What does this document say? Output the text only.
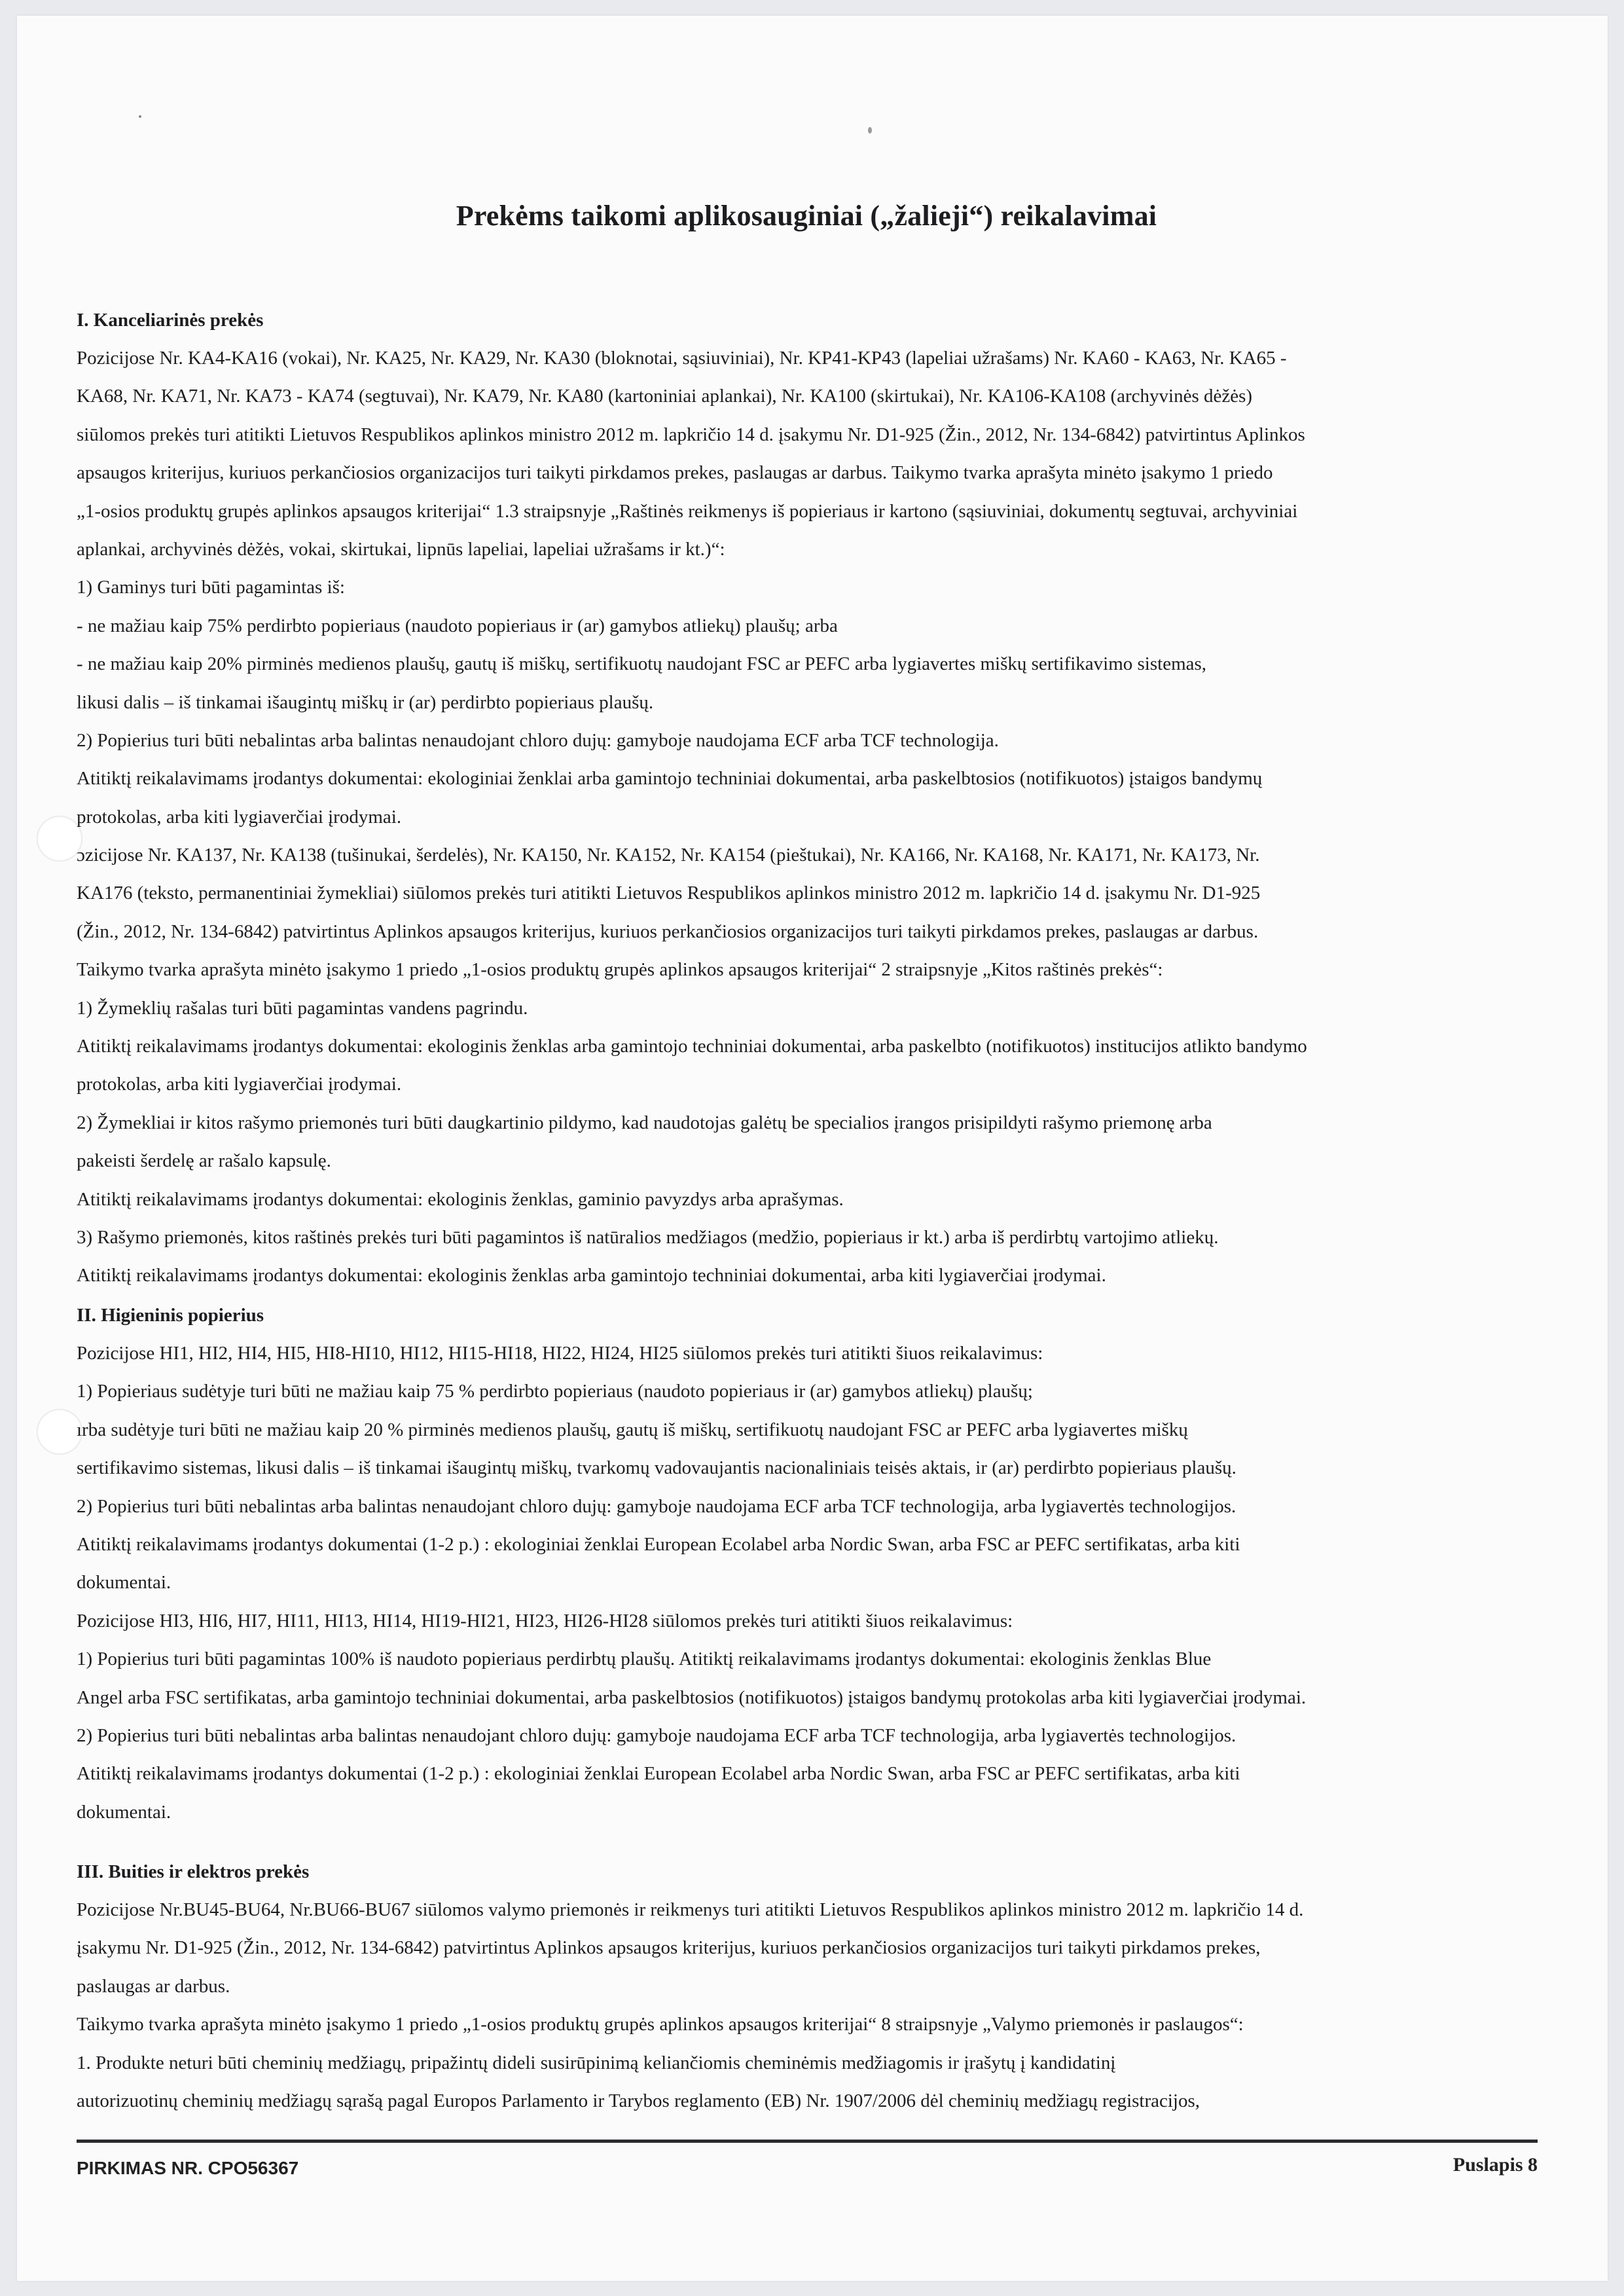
Prekėms taikomi aplikosauginiai („žalieji“) reikalavimai
I. Kanceliarinės prekės
Pozicijose Nr. KA4-KA16 (vokai), Nr. KA25, Nr. KA29, Nr. KA30 (bloknotai, sąsiuviniai), Nr. KP41-KP43 (lapeliai užrašams) Nr. KA60 - KA63, Nr. KA65 -
KA68, Nr. KA71, Nr. KA73 - KA74 (segtuvai), Nr. KA79, Nr. KA80 (kartoniniai aplankai), Nr. KA100 (skirtukai), Nr. KA106-KA108 (archyvinės dėžės)
siūlomos prekės turi atitikti Lietuvos Respublikos aplinkos ministro 2012 m. lapkričio 14 d. įsakymu Nr. D1-925 (Žin., 2012, Nr. 134-6842) patvirtintus Aplinkos
apsaugos kriterijus, kuriuos perkančiosios organizacijos turi taikyti pirkdamos prekes, paslaugas ar darbus. Taikymo tvarka aprašyta minėto įsakymo 1 priedo
„1-osios produktų grupės aplinkos apsaugos kriterijai“ 1.3 straipsnyje „Raštinės reikmenys iš popieriaus ir kartono (sąsiuviniai, dokumentų segtuvai, archyviniai
aplankai, archyvinės dėžės, vokai, skirtukai, lipnūs lapeliai, lapeliai užrašams ir kt.)“:
1) Gaminys turi būti pagamintas iš:
- ne mažiau kaip 75% perdirbto popieriaus (naudoto popieriaus ir (ar) gamybos atliekų) plaušų; arba
- ne mažiau kaip 20% pirminės medienos plaušų, gautų iš miškų, sertifikuotų naudojant FSC ar PEFC arba lygiavertes miškų sertifikavimo sistemas,
likusi dalis – iš tinkamai išaugintų miškų ir (ar) perdirbto popieriaus plaušų.
2) Popierius turi būti nebalintas arba balintas nenaudojant chloro dujų: gamyboje naudojama ECF arba TCF technologija.
Atitiktį reikalavimams įrodantys dokumentai: ekologiniai ženklai arba gamintojo techniniai dokumentai, arba paskelbtosios (notifikuotos) įstaigos bandymų
protokolas, arba kiti lygiaverčiai įrodymai.
ɔzicijose Nr. KA137, Nr. KA138 (tušinukai, šerdelės), Nr. KA150, Nr. KA152, Nr. KA154 (pieštukai), Nr. KA166, Nr. KA168, Nr. KA171, Nr. KA173, Nr.
KA176 (teksto, permanentiniai žymekliai) siūlomos prekės turi atitikti Lietuvos Respublikos aplinkos ministro 2012 m. lapkričio 14 d. įsakymu Nr. D1-925
(Žin., 2012, Nr. 134-6842) patvirtintus Aplinkos apsaugos kriterijus, kuriuos perkančiosios organizacijos turi taikyti pirkdamos prekes, paslaugas ar darbus.
Taikymo tvarka aprašyta minėto įsakymo 1 priedo „1-osios produktų grupės aplinkos apsaugos kriterijai“ 2 straipsnyje „Kitos raštinės prekės“:
1) Žymeklių rašalas turi būti pagamintas vandens pagrindu.
Atitiktį reikalavimams įrodantys dokumentai: ekologinis ženklas arba gamintojo techniniai dokumentai, arba paskelbto (notifikuotos) institucijos atlikto bandymo
protokolas, arba kiti lygiaverčiai įrodymai.
2) Žymekliai ir kitos rašymo priemonės turi būti daugkartinio pildymo, kad naudotojas galėtų be specialios įrangos prisipildyti rašymo priemonę arba
pakeisti šerdelę ar rašalo kapsulę.
Atitiktį reikalavimams įrodantys dokumentai: ekologinis ženklas, gaminio pavyzdys arba aprašymas.
3) Rašymo priemonės, kitos raštinės prekės turi būti pagamintos iš natūralios medžiagos (medžio, popieriaus ir kt.) arba iš perdirbtų vartojimo atliekų.
Atitiktį reikalavimams įrodantys dokumentai: ekologinis ženklas arba gamintojo techniniai dokumentai, arba kiti lygiaverčiai įrodymai.
II. Higieninis popierius
Pozicijose HI1, HI2, HI4, HI5, HI8-HI10, HI12, HI15-HI18, HI22, HI24, HI25 siūlomos prekės turi atitikti šiuos reikalavimus:
1) Popieriaus sudėtyje turi būti ne mažiau kaip 75 % perdirbto popieriaus (naudoto popieriaus ir (ar) gamybos atliekų) plaušų;
ırba sudėtyje turi būti ne mažiau kaip 20 % pirminės medienos plaušų, gautų iš miškų, sertifikuotų naudojant FSC ar PEFC arba lygiavertes miškų
sertifikavimo sistemas, likusi dalis – iš tinkamai išaugintų miškų, tvarkomų vadovaujantis nacionaliniais teisės aktais, ir (ar) perdirbto popieriaus plaušų.
2) Popierius turi būti nebalintas arba balintas nenaudojant chloro dujų: gamyboje naudojama ECF arba TCF technologija, arba lygiavertės technologijos.
Atitiktį reikalavimams įrodantys dokumentai (1-2 p.) : ekologiniai ženklai European Ecolabel arba Nordic Swan, arba FSC ar PEFC sertifikatas, arba kiti
dokumentai.
Pozicijose HI3, HI6, HI7, HI11, HI13, HI14, HI19-HI21, HI23, HI26-HI28 siūlomos prekės turi atitikti šiuos reikalavimus:
1) Popierius turi būti pagamintas 100% iš naudoto popieriaus perdirbtų plaušų. Atitiktį reikalavimams įrodantys dokumentai: ekologinis ženklas Blue
Angel arba FSC sertifikatas, arba gamintojo techniniai dokumentai, arba paskelbtosios (notifikuotos) įstaigos bandymų protokolas arba kiti lygiaverčiai įrodymai.
2) Popierius turi būti nebalintas arba balintas nenaudojant chloro dujų: gamyboje naudojama ECF arba TCF technologija, arba lygiavertės technologijos.
Atitiktį reikalavimams įrodantys dokumentai (1-2 p.) : ekologiniai ženklai European Ecolabel arba Nordic Swan, arba FSC ar PEFC sertifikatas, arba kiti
dokumentai.
III. Buities ir elektros prekės
Pozicijose Nr.BU45-BU64, Nr.BU66-BU67 siūlomos valymo priemonės ir reikmenys turi atitikti Lietuvos Respublikos aplinkos ministro 2012 m. lapkričio 14 d.
įsakymu Nr. D1-925 (Žin., 2012, Nr. 134-6842) patvirtintus Aplinkos apsaugos kriterijus, kuriuos perkančiosios organizacijos turi taikyti pirkdamos prekes,
paslaugas ar darbus.
Taikymo tvarka aprašyta minėto įsakymo 1 priedo „1-osios produktų grupės aplinkos apsaugos kriterijai“ 8 straipsnyje „Valymo priemonės ir paslaugos“:
1. Produkte neturi būti cheminių medžiagų, pripažintų dideli susirūpinimą keliančiomis cheminėmis medžiagomis ir įrašytų į kandidatinį
autorizuotinų cheminių medžiagų sąrašą pagal Europos Parlamento ir Tarybos reglamento (EB) Nr. 1907/2006 dėl cheminių medžiagų registracijos,
PIRKIMAS NR. CPO56367	Puslapis 8
